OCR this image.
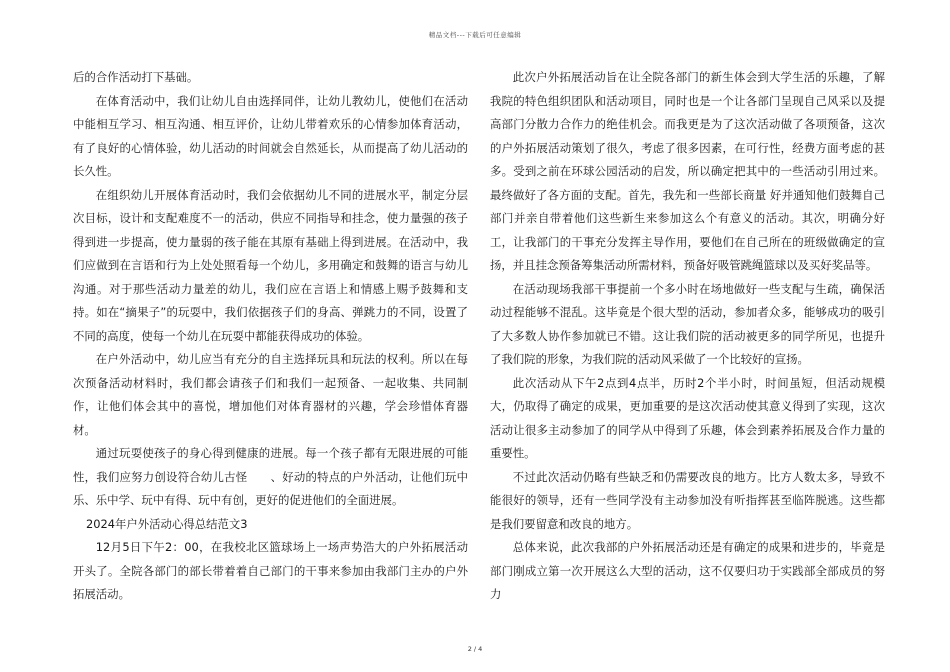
精品文档---下载后可任意编辑

后的合作活动打下基础。

在体育活动中，我们让幼儿自由选择同伴，让幼儿教幼儿，使他们在活动中能相互学习、相互沟通、相互评价，让幼儿带着欢乐的心情参加体育活动，有了良好的心情体验，幼儿活动的时间就会自然延长，从而提高了幼儿活动的长久性。

在组织幼儿开展体育活动时，我们会依据幼儿不同的进展水平，制定分层次目标，设计和支配难度不一的活动，供应不同指导和挂念，使力量强的孩子得到进一步提高，使力量弱的孩子能在其原有基础上得到进展。在活动中，我们应做到在言语和行为上处处照看每一个幼儿，多用确定和鼓舞的语言与幼儿沟通。对于那些活动力量差的幼儿，我们应在言语上和情感上赐予鼓舞和支持。如在“摘果子”的玩耍中，我们依据孩子们的身高、弹跳力的不同，设置了不同的高度，使每一个幼儿在玩耍中都能获得成功的体验。

在户外活动中，幼儿应当有充分的自主选择玩具和玩法的权利。所以在每次预备活动材料时，我们都会请孩子们和我们一起预备、一起收集、共同制作，让他们体会其中的喜悦，增加他们对体育器材的兴趣，学会珍惜体育器材。

通过玩耍使孩子的身心得到健康的进展。每一个孩子都有无限进展的可能性，我们应努力创设符合幼儿古怪　　、好动的特点的户外活动，让他们玩中乐、乐中学、玩中有得、玩中有创，更好的促进他们的全面进展。

2024年户外活动心得总结范文3

12月5日下午2：00，在我校北区篮球场上一场声势浩大的户外拓展活动开头了。全院各部门的部长带着着自己部门的干事来参加由我部门主办的户外拓展活动。

此次户外拓展活动旨在让全院各部门的新生体会到大学生活的乐趣，了解我院的特色组织团队和活动项目，同时也是一个让各部门呈现自己风采以及提高部门分散力合作力的绝佳机会。而我更是为了这次活动做了各项预备，这次的户外拓展活动策划了很久，考虑了很多因素，在可行性，经费方面考虑的甚多。受到之前在环球公园活动的启发，所以确定把其中的一些活动引用过来。最终做好了各方面的支配。首先，我先和一些部长商量 好并通知他们鼓舞自己部门并亲自带着他们这些新生来参加这么个有意义的活动。其次，明确分好工，让我部门的干事充分发挥主导作用，要他们在自己所在的班级做确定的宣扬，并且挂念预备筹集活动所需材料，预备好吸管跳绳篮球以及买好奖品等。

在活动现场我部干事提前一个多小时在场地做好一些支配与生疏，确保活动过程能够不混乱。这毕竟是个很大型的活动，参加者众多，能够成功的吸引了大多数人协作参加就已不错。这让我们院的活动被更多的同学所见，也提升了我们院的形象，为我们院的活动风采做了一个比较好的宣扬。

此次活动从下午2点到4点半，历时2个半小时，时间虽短，但活动规模大，仍取得了确定的成果，更加重要的是这次活动使其意义得到了实现，这次活动让很多主动参加了的同学从中得到了乐趣，体会到素养拓展及合作力量的重要性。

不过此次活动仍略有些缺乏和仍需要改良的地方。比方人数太多，导致不能很好的领导，还有一些同学没有主动参加没有听指挥甚至临阵脱逃。这些都是我们要留意和改良的地方。

总体来说，此次我部的户外拓展活动还是有确定的成果和进步的，毕竟是部门刚成立第一次开展这么大型的活动，这不仅要归功于实践部全部成员的努力

2 / 4
